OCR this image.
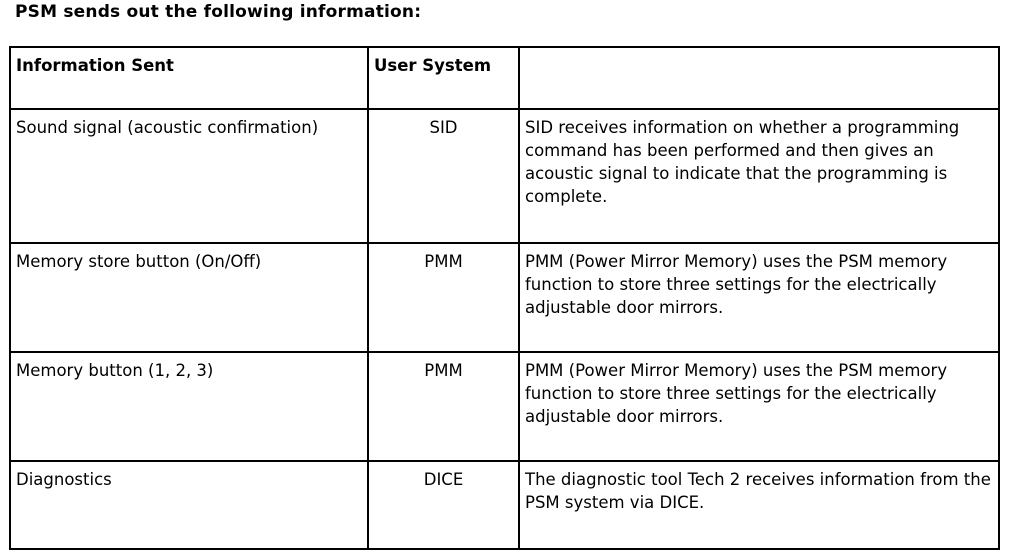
PSM sends out the following information:
Information Sent	User System	
Sound signal (acoustic confirmation)	SID	SID receives information on whether a programming command has been performed and then gives an acoustic signal to indicate that the programming is complete.
Memory store button (On/Off)	PMM	PMM (Power Mirror Memory) uses the PSM memory function to store three settings for the electrically adjustable door mirrors.
Memory button (1, 2, 3)	PMM	PMM (Power Mirror Memory) uses the PSM memory function to store three settings for the electrically adjustable door mirrors.
Diagnostics	DICE	The diagnostic tool Tech 2 receives information from the PSM system via DICE.
